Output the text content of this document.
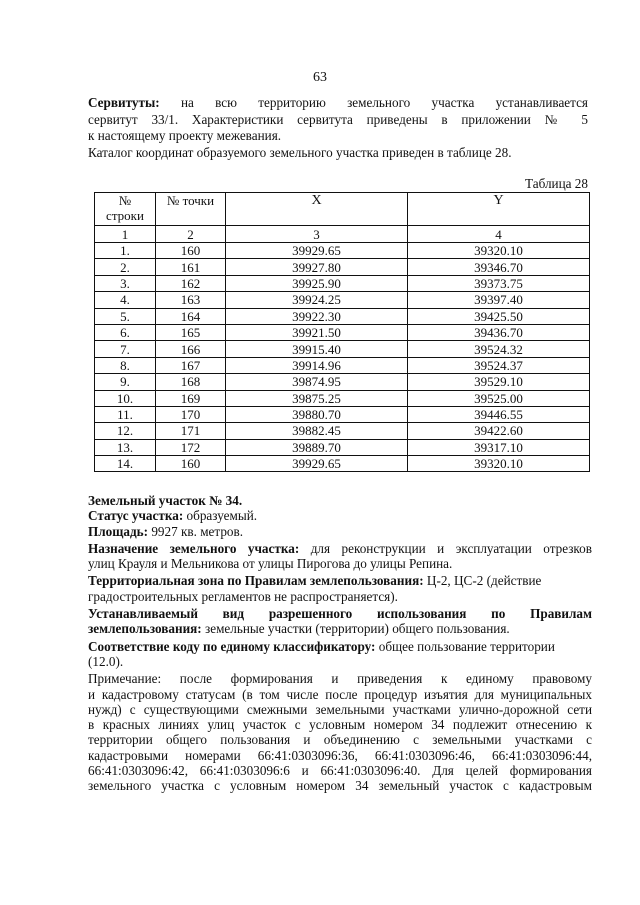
63

Сервитуты: на всю территорию земельного участка устанавливается

сервитут 33/1. Характеристики сервитута приведены в приложении № 5

к настоящему проекту межевания.

Каталог координат образуемого земельного участка приведен в таблице 28.

Таблица 28
№
строки	№ точки	X	Y
1	2	3	4
1.	160	39929.65	39320.10
2.	161	39927.80	39346.70
3.	162	39925.90	39373.75
4.	163	39924.25	39397.40
5.	164	39922.30	39425.50
6.	165	39921.50	39436.70
7.	166	39915.40	39524.32
8.	167	39914.96	39524.37
9.	168	39874.95	39529.10
10.	169	39875.25	39525.00
11.	170	39880.70	39446.55
12.	171	39882.45	39422.60
13.	172	39889.70	39317.10
14.	160	39929.65	39320.10

Земельный участок № 34.

Статус участка: образуемый.

Площадь: 9927 кв. метров.

Назначение земельного участка: для реконструкции и эксплуатации отрезков
улиц Крауля и Мельникова от улицы Пирогова до улицы Репина.

Территориальная зона по Правилам землепользования: Ц-2, ЦС-2 (действие
градостроительных регламентов не распространяется).

Устанавливаемый вид разрешенного использования по Правилам
землепользования: земельные участки (территории) общего пользования.

Соответствие коду по единому классификатору: общее пользование территории
(12.0).

Примечание: после формирования и приведения к единому правовому
и кадастровому статусам (в том числе после процедур изъятия для муниципальных
нужд) с существующими смежными земельными участками улично-дорожной сети
в красных линиях улиц участок с условным номером 34 подлежит отнесению к
территории общего пользования и объединению с земельными участками с
кадастровыми номерами 66:41:0303096:36, 66:41:0303096:46, 66:41:0303096:44,
66:41:0303096:42, 66:41:0303096:6 и 66:41:0303096:40. Для целей формирования
земельного участка с условным номером 34 земельный участок с кадастровым
